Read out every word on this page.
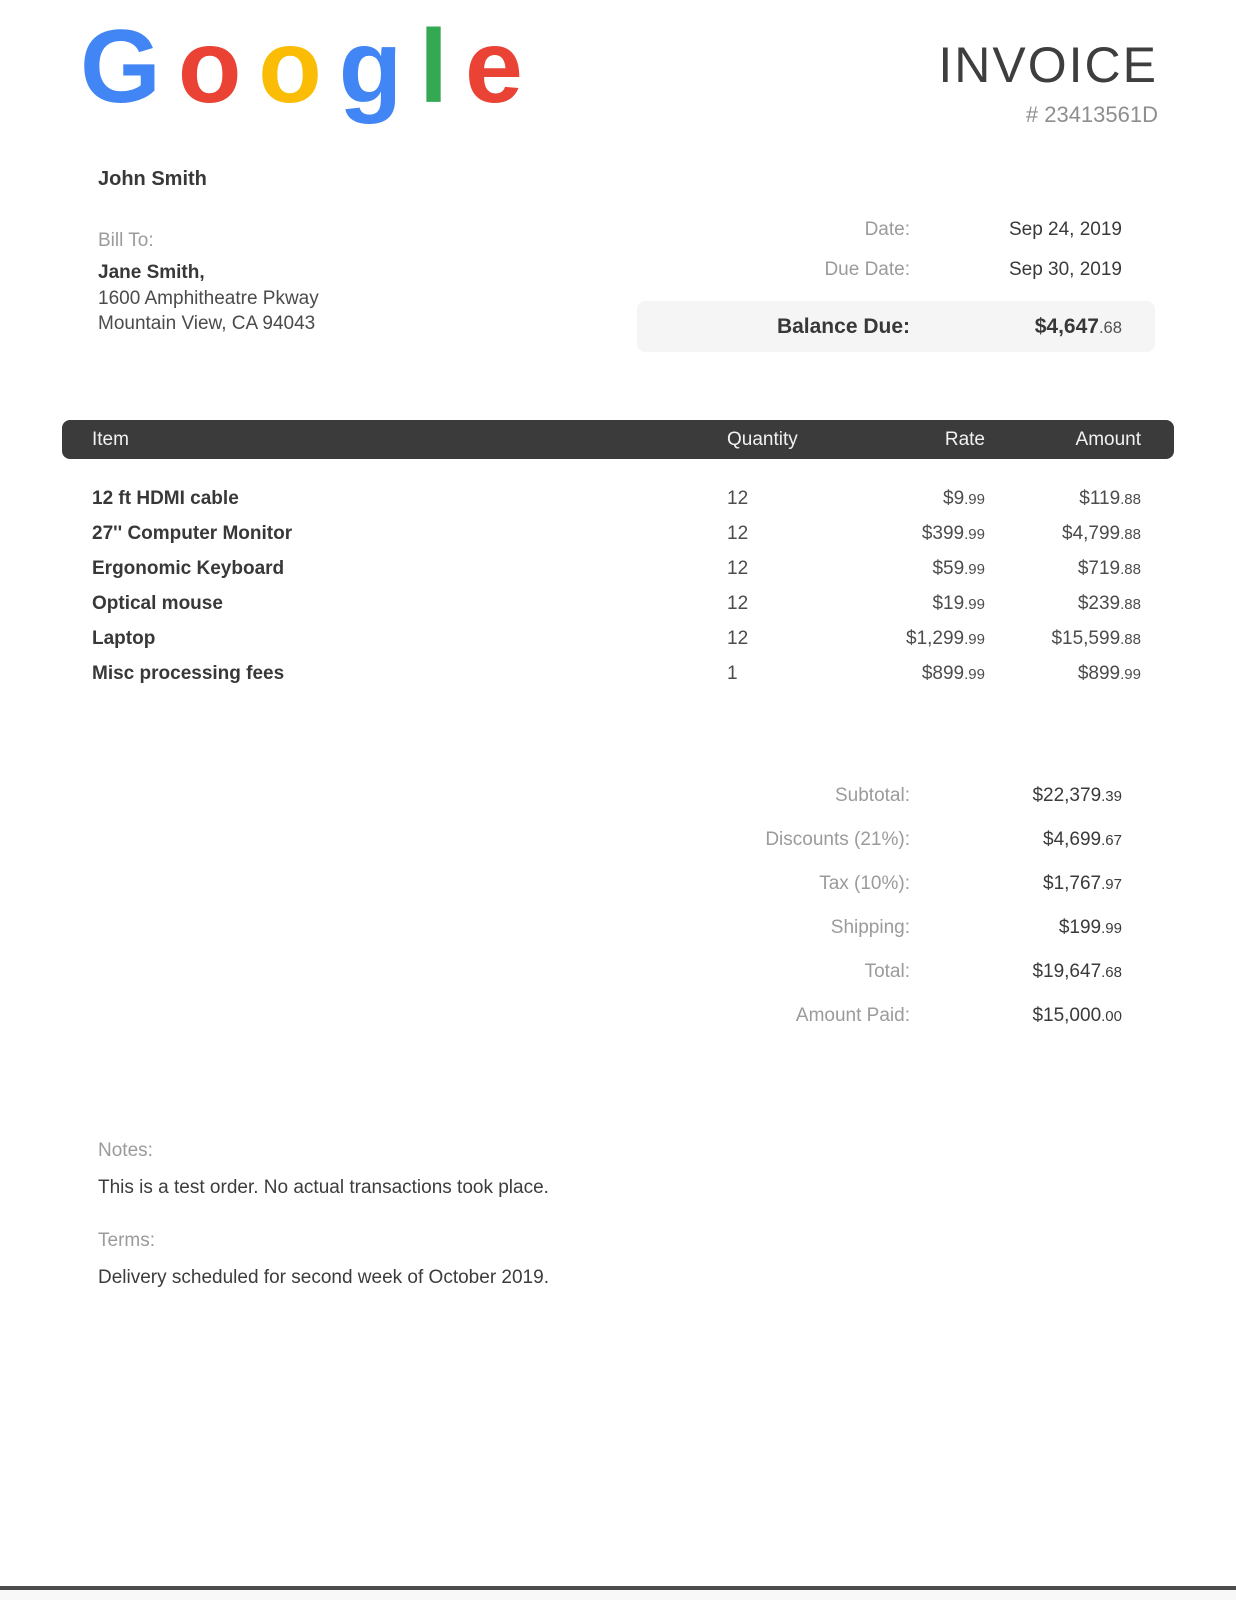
G o o g l e	INVOICE
# 23413561D
John Smith
Bill To:
Jane Smith,
1600 Amphitheatre Pkway
Mountain View, CA 94043
Date:	Sep 24, 2019
Due Date:	Sep 30, 2019
Balance Due:	$4,647.68
Item	Quantity	Rate	Amount
12 ft HDMI cable	12	$9.99	$119.88
27'' Computer Monitor	12	$399.99	$4,799.88
Ergonomic Keyboard	12	$59.99	$719.88
Optical mouse	12	$19.99	$239.88
Laptop	12	$1,299.99	$15,599.88
Misc processing fees	1	$899.99	$899.99
Subtotal:	$22,379.39
Discounts (21%):	$4,699.67
Tax (10%):	$1,767.97
Shipping:	$199.99
Total:	$19,647.68
Amount Paid:	$15,000.00
Notes:
This is a test order. No actual transactions took place.
Terms:
Delivery scheduled for second week of October 2019.
